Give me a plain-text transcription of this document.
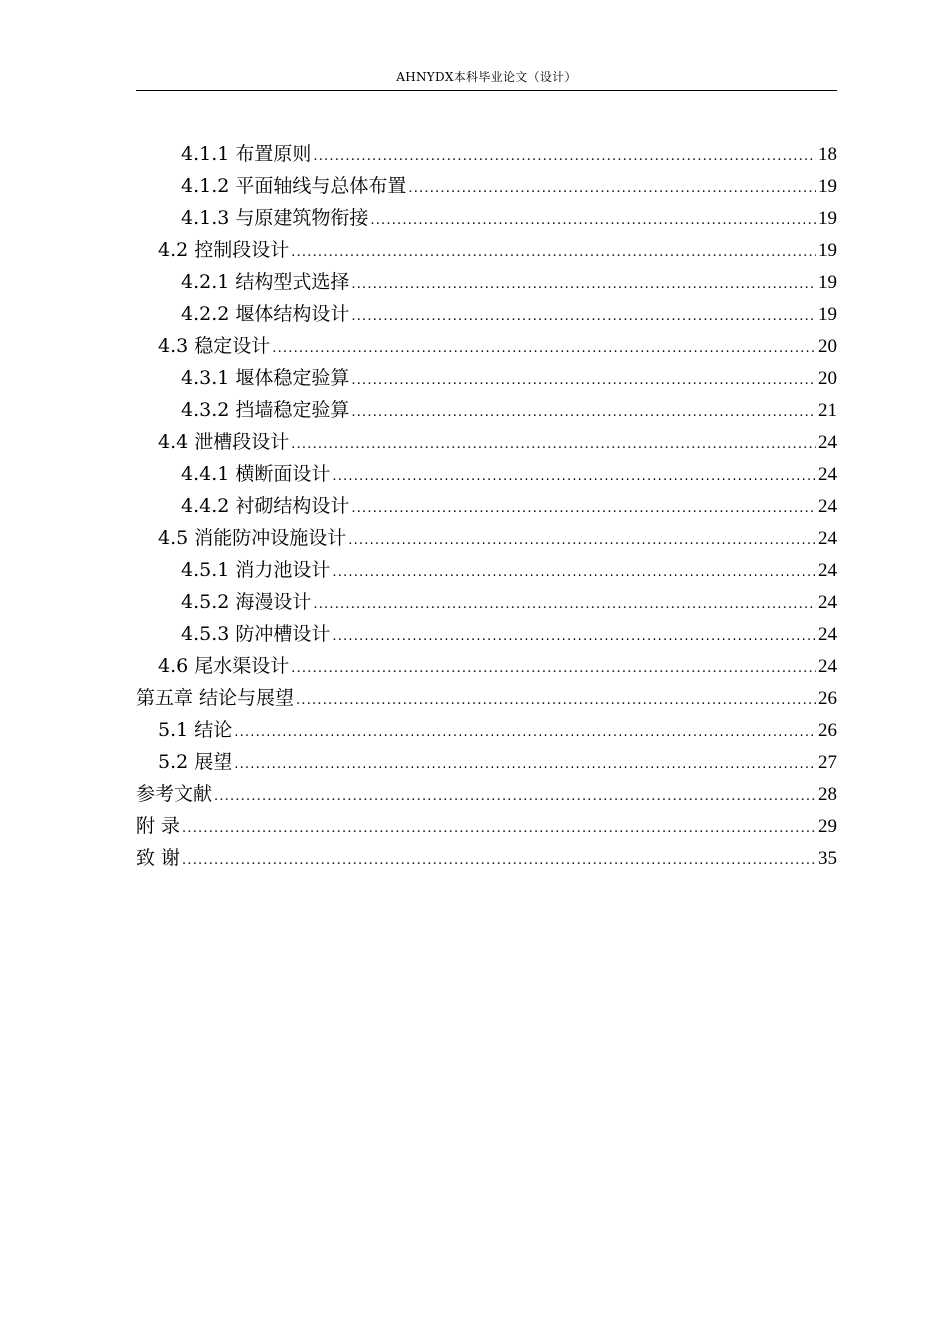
AHNYDX本科毕业论文（设计）
4.1.1 布置原则 .....	18
4.1.2 平面轴线与总体布置 .....	19
4.1.3 与原建筑物衔接 .....	19
4.2 控制段设计 .....	19
4.2.1 结构型式选择 .....	19
4.2.2 堰体结构设计 .....	19
4.3 稳定设计 .....	20
4.3.1 堰体稳定验算 .....	20
4.3.2 挡墙稳定验算 .....	21
4.4 泄槽段设计 .....	24
4.4.1 横断面设计 .....	24
4.4.2 衬砌结构设计 .....	24
4.5 消能防冲设施设计 .....	24
4.5.1 消力池设计 .....	24
4.5.2 海漫设计 .....	24
4.5.3 防冲槽设计 .....	24
4.6 尾水渠设计 .....	24
第五章 结论与展望 .....	26
5.1 结论 .....	26
5.2 展望 .....	27
参考文献 .....	28
附 录 .....	29
致 谢 .....	35
